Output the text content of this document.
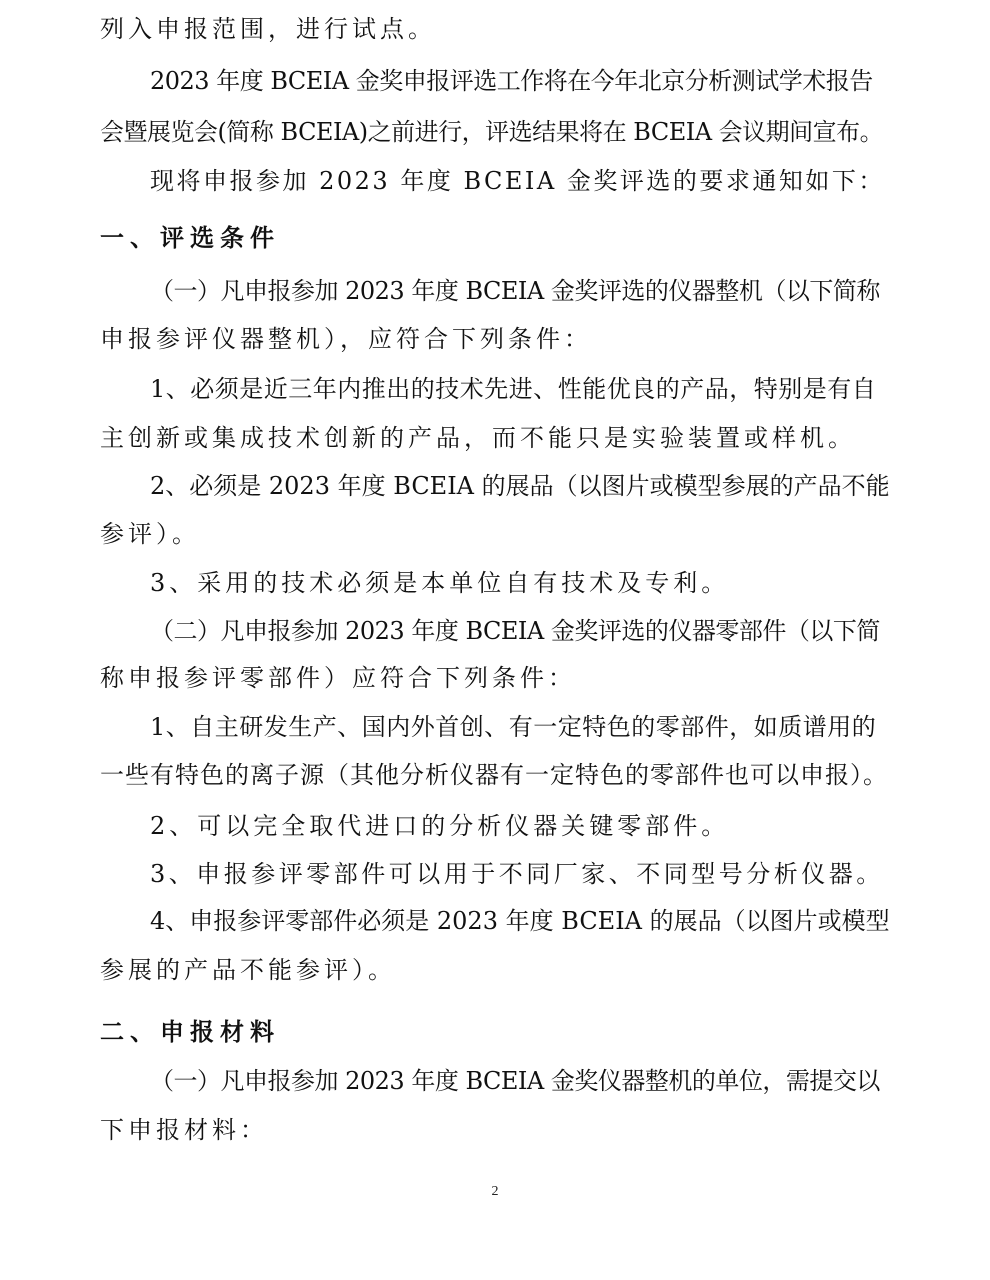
列入申报范围，进行试点。
2023 年度 BCEIA 金奖申报评选工作将在今年北京分析测试学术报告
会暨展览会(简称 BCEIA)之前进行，评选结果将在 BCEIA 会议期间宣布。
现将申报参加 2023 年度 BCEIA 金奖评选的要求通知如下：
一、评选条件
（一）凡申报参加 2023 年度 BCEIA 金奖评选的仪器整机（以下简称
申报参评仪器整机），应符合下列条件：
1、必须是近三年内推出的技术先进、性能优良的产品，特别是有自
主创新或集成技术创新的产品，而不能只是实验装置或样机。
2、必须是 2023 年度 BCEIA 的展品（以图片或模型参展的产品不能
参评）。
3、采用的技术必须是本单位自有技术及专利。
（二）凡申报参加 2023 年度 BCEIA 金奖评选的仪器零部件（以下简
称申报参评零部件）应符合下列条件：
1、自主研发生产、国内外首创、有一定特色的零部件，如质谱用的
一些有特色的离子源（其他分析仪器有一定特色的零部件也可以申报）。
2、可以完全取代进口的分析仪器关键零部件。
3、申报参评零部件可以用于不同厂家、不同型号分析仪器。
4、申报参评零部件必须是 2023 年度 BCEIA 的展品（以图片或模型
参展的产品不能参评）。
二、申报材料
（一）凡申报参加 2023 年度 BCEIA 金奖仪器整机的单位，需提交以
下申报材料：
2
